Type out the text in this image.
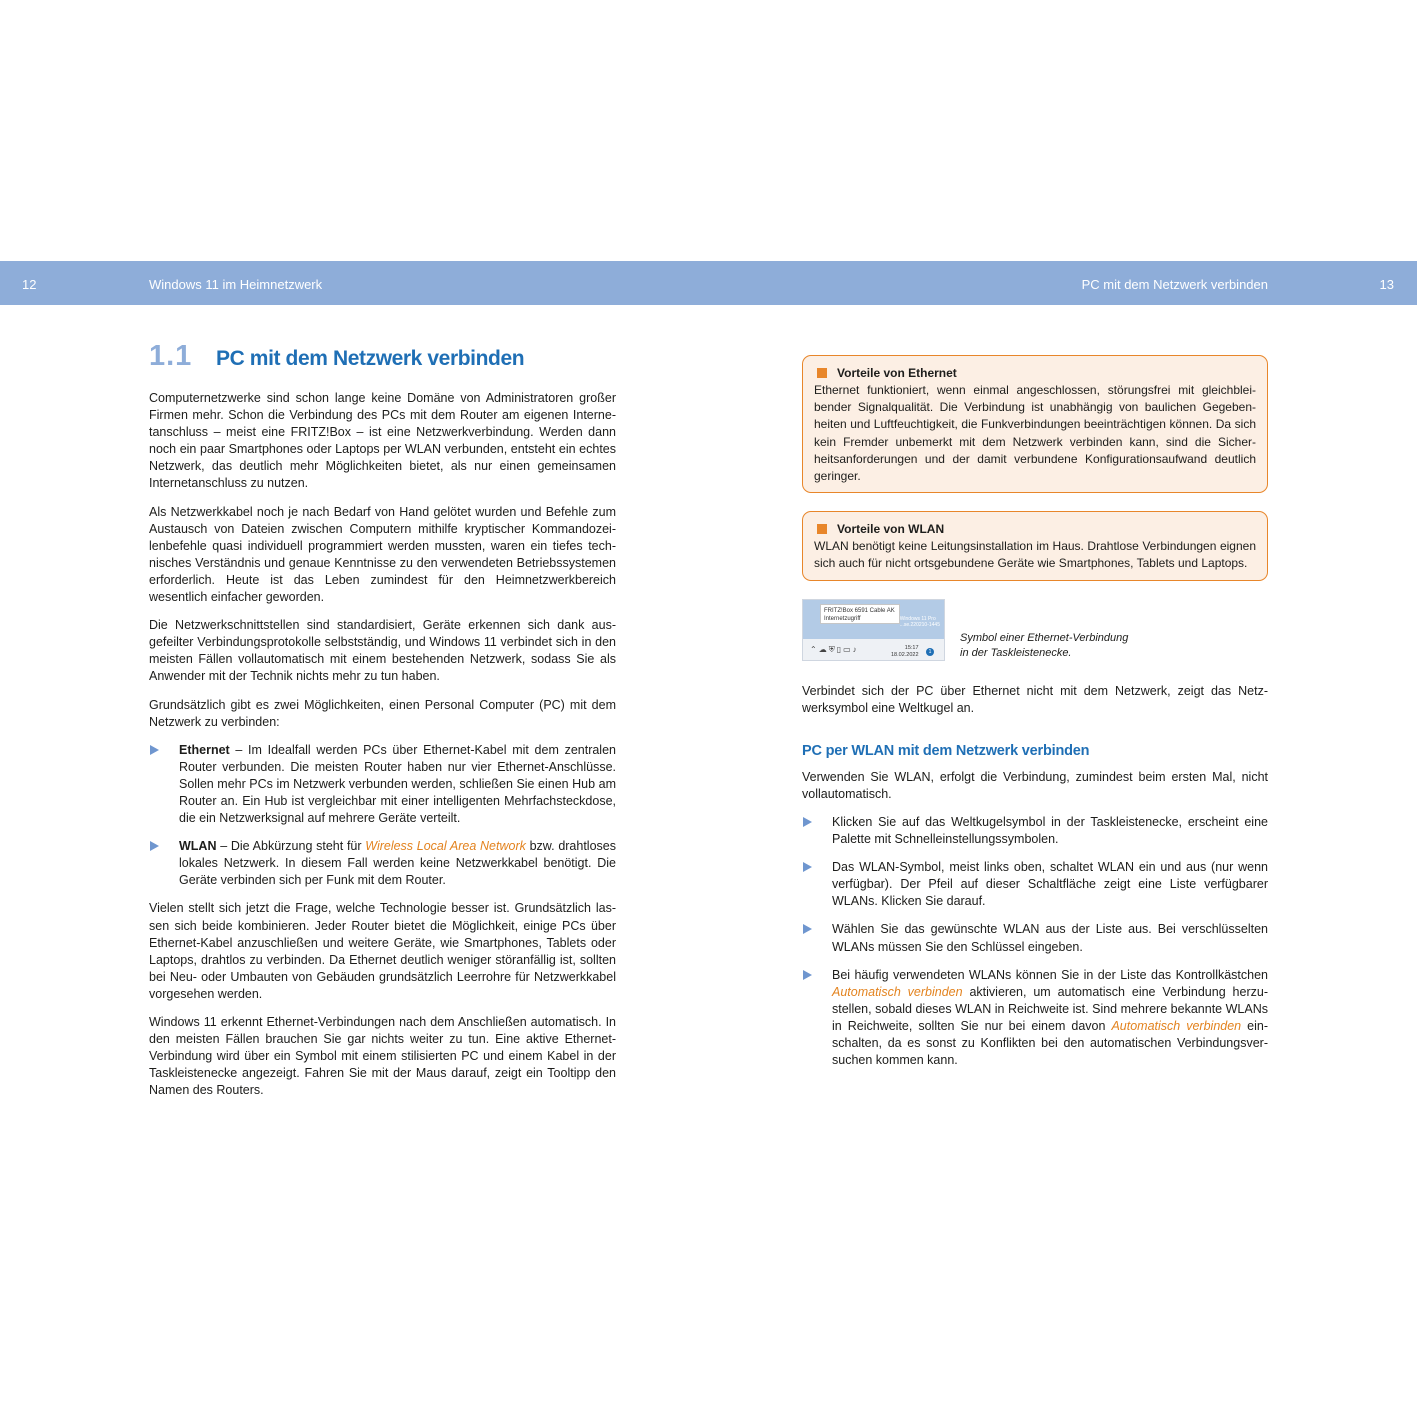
12	Windows 11 im Heimnetzwerk	PC mit dem Netzwerk verbinden	13
1.1	PC mit dem Netzwerk verbinden

Computernetzwerke sind schon lange keine Domäne von Administratoren großer Firmen mehr. Schon die Verbindung des PCs mit dem Router am eigenen Internetanschluss – meist eine FRITZ!Box – ist eine Netzwerkverbindung. Werden dann noch ein paar Smartphones oder Laptops per WLAN verbunden, entsteht ein echtes Netzwerk, das deutlich mehr Möglichkeiten bietet, als nur einen gemeinsamen Internetanschluss zu nutzen.

Als Netzwerkkabel noch je nach Bedarf von Hand gelötet wurden und Befehle zum Austausch von Dateien zwischen Computern mithilfe kryptischer Kommandozeilenbefehle quasi individuell programmiert werden mussten, waren ein tiefes technisches Verständnis und genaue Kenntnisse zu den verwendeten Betriebssystemen erforderlich. Heute ist das Leben zumindest für den Heimnetzwerkbereich wesentlich einfacher geworden.

Die Netzwerkschnittstellen sind standardisiert, Geräte erkennen sich dank ausgefeilter Verbindungsprotokolle selbstständig, und Windows 11 verbindet sich in den meisten Fällen vollautomatisch mit einem bestehenden Netzwerk, sodass Sie als Anwender mit der Technik nichts mehr zu tun haben.

Grundsätzlich gibt es zwei Möglichkeiten, einen Personal Computer (PC) mit dem Netzwerk zu verbinden:

Ethernet – Im Idealfall werden PCs über Ethernet-Kabel mit dem zentralen Router verbunden. Die meisten Router haben nur vier Ethernet-Anschlüsse. Sollen mehr PCs im Netzwerk verbunden werden, schließen Sie einen Hub am Router an. Ein Hub ist vergleichbar mit einer intelligenten Mehrfachsteckdose, die ein Netzwerksignal auf mehrere Geräte verteilt.
WLAN – Die Abkürzung steht für Wireless Local Area Network bzw. drahtloses lokales Netzwerk. In diesem Fall werden keine Netzwerkkabel benötigt. Die Geräte verbinden sich per Funk mit dem Router.

Vielen stellt sich jetzt die Frage, welche Technologie besser ist. Grundsätzlich lassen sich beide kombinieren. Jeder Router bietet die Möglichkeit, einige PCs über Ethernet-Kabel anzuschließen und weitere Geräte, wie Smartphones, Tablets oder Laptops, drahtlos zu verbinden. Da Ethernet deutlich weniger störanfällig ist, sollten bei Neu- oder Umbauten von Gebäuden grundsätzlich Leerrohre für Netzwerkkabel vorgesehen werden.

Windows 11 erkennt Ethernet-Verbindungen nach dem Anschließen automatisch. In den meisten Fällen brauchen Sie gar nichts weiter zu tun. Eine aktive Ethernet-Verbindung wird über ein Symbol mit einem stilisierten PC und einem Kabel in der Taskleistenecke angezeigt. Fahren Sie mit der Maus darauf, zeigt ein Tooltipp den Namen des Routers.

Vorteile von Ethernet

Ethernet funktioniert, wenn einmal angeschlossen, störungsfrei mit gleichbleibender Signalqualität. Die Verbindung ist unabhängig von baulichen Gegebenheiten und Luftfeuchtigkeit, die Funkverbindungen beeinträchtigen können. Da sich kein Fremder unbemerkt mit dem Netzwerk verbinden kann, sind die Sicherheitsanforderungen und der damit verbundene Konfigurationsaufwand deutlich geringer.

Vorteile von WLAN

WLAN benötigt keine Leitungsinstallation im Haus. Drahtlose Verbindungen eignen sich auch für nicht ortsgebundene Geräte wie Smartphones, Tablets und Laptops.

Windows 11 Pro
...se.220210-1445
FRITZ!Box 6591 Cable AK
Internetzugriff
⌃☁⛨▯▭♪	15:17
18.02.2022	1
Symbol einer Ethernet-Verbindung
in der Taskleistenecke.

Verbindet sich der PC über Ethernet nicht mit dem Netzwerk, zeigt das Netzwerksymbol eine Weltkugel an.

PC per WLAN mit dem Netzwerk verbinden

Verwenden Sie WLAN, erfolgt die Verbindung, zumindest beim ersten Mal, nicht vollautomatisch.

Klicken Sie auf das Weltkugelsymbol in der Taskleistenecke, erscheint eine Palette mit Schnelleinstellungssymbolen.
Das WLAN-Symbol, meist links oben, schaltet WLAN ein und aus (nur wenn verfügbar). Der Pfeil auf dieser Schaltfläche zeigt eine Liste verfügbarer WLANs. Klicken Sie darauf.
Wählen Sie das gewünschte WLAN aus der Liste aus. Bei verschlüsselten WLANs müssen Sie den Schlüssel eingeben.
Bei häufig verwendeten WLANs können Sie in der Liste das Kontrollkästchen Automatisch verbinden aktivieren, um automatisch eine Verbindung herzustellen, sobald dieses WLAN in Reichweite ist. Sind mehrere bekannte WLANs in Reichweite, sollten Sie nur bei einem davon Automatisch verbinden einschalten, da es sonst zu Konflikten bei den automatischen Verbindungsversuchen kommen kann.
